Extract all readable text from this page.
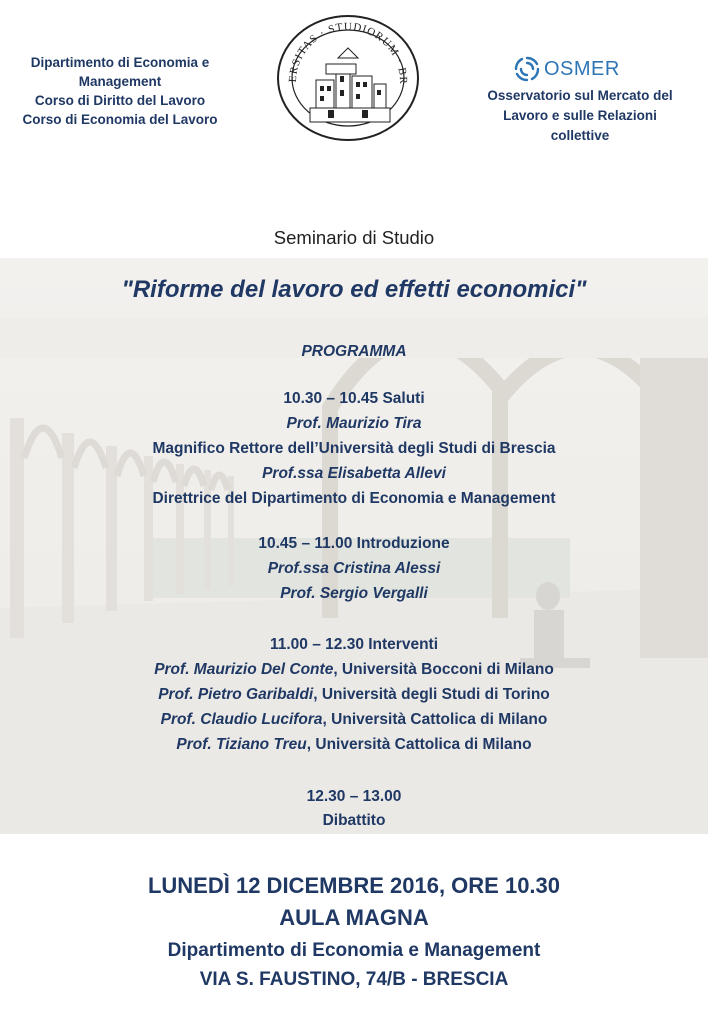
Dipartimento di Economia e
Management
Corso di Diritto del Lavoro
Corso di Economia del Lavoro
ERSITAS · STUDIORUM · BR
OSMER
Osservatorio sul Mercato del
Lavoro e sulle Relazioni
collettive
Seminario di Studio
"Riforme del lavoro ed effetti economici"
PROGRAMMA
10.30 – 10.45 Saluti
Prof. Maurizio Tira
Magnifico Rettore dell’Università degli Studi di Brescia
Prof.ssa Elisabetta Allevi
Direttrice del Dipartimento di Economia e Management
10.45 – 11.00 Introduzione
Prof.ssa Cristina Alessi
Prof. Sergio Vergalli
11.00 – 12.30 Interventi
Prof. Maurizio Del Conte, Università Bocconi di Milano
Prof. Pietro Garibaldi, Università degli Studi di Torino
Prof. Claudio Lucifora, Università Cattolica di Milano
Prof. Tiziano Treu, Università Cattolica di Milano
12.30 – 13.00
Dibattito
LUNEDÌ 12 DICEMBRE 2016, ORE 10.30
AULA MAGNA
Dipartimento di Economia e Management
VIA S. FAUSTINO, 74/B - BRESCIA
